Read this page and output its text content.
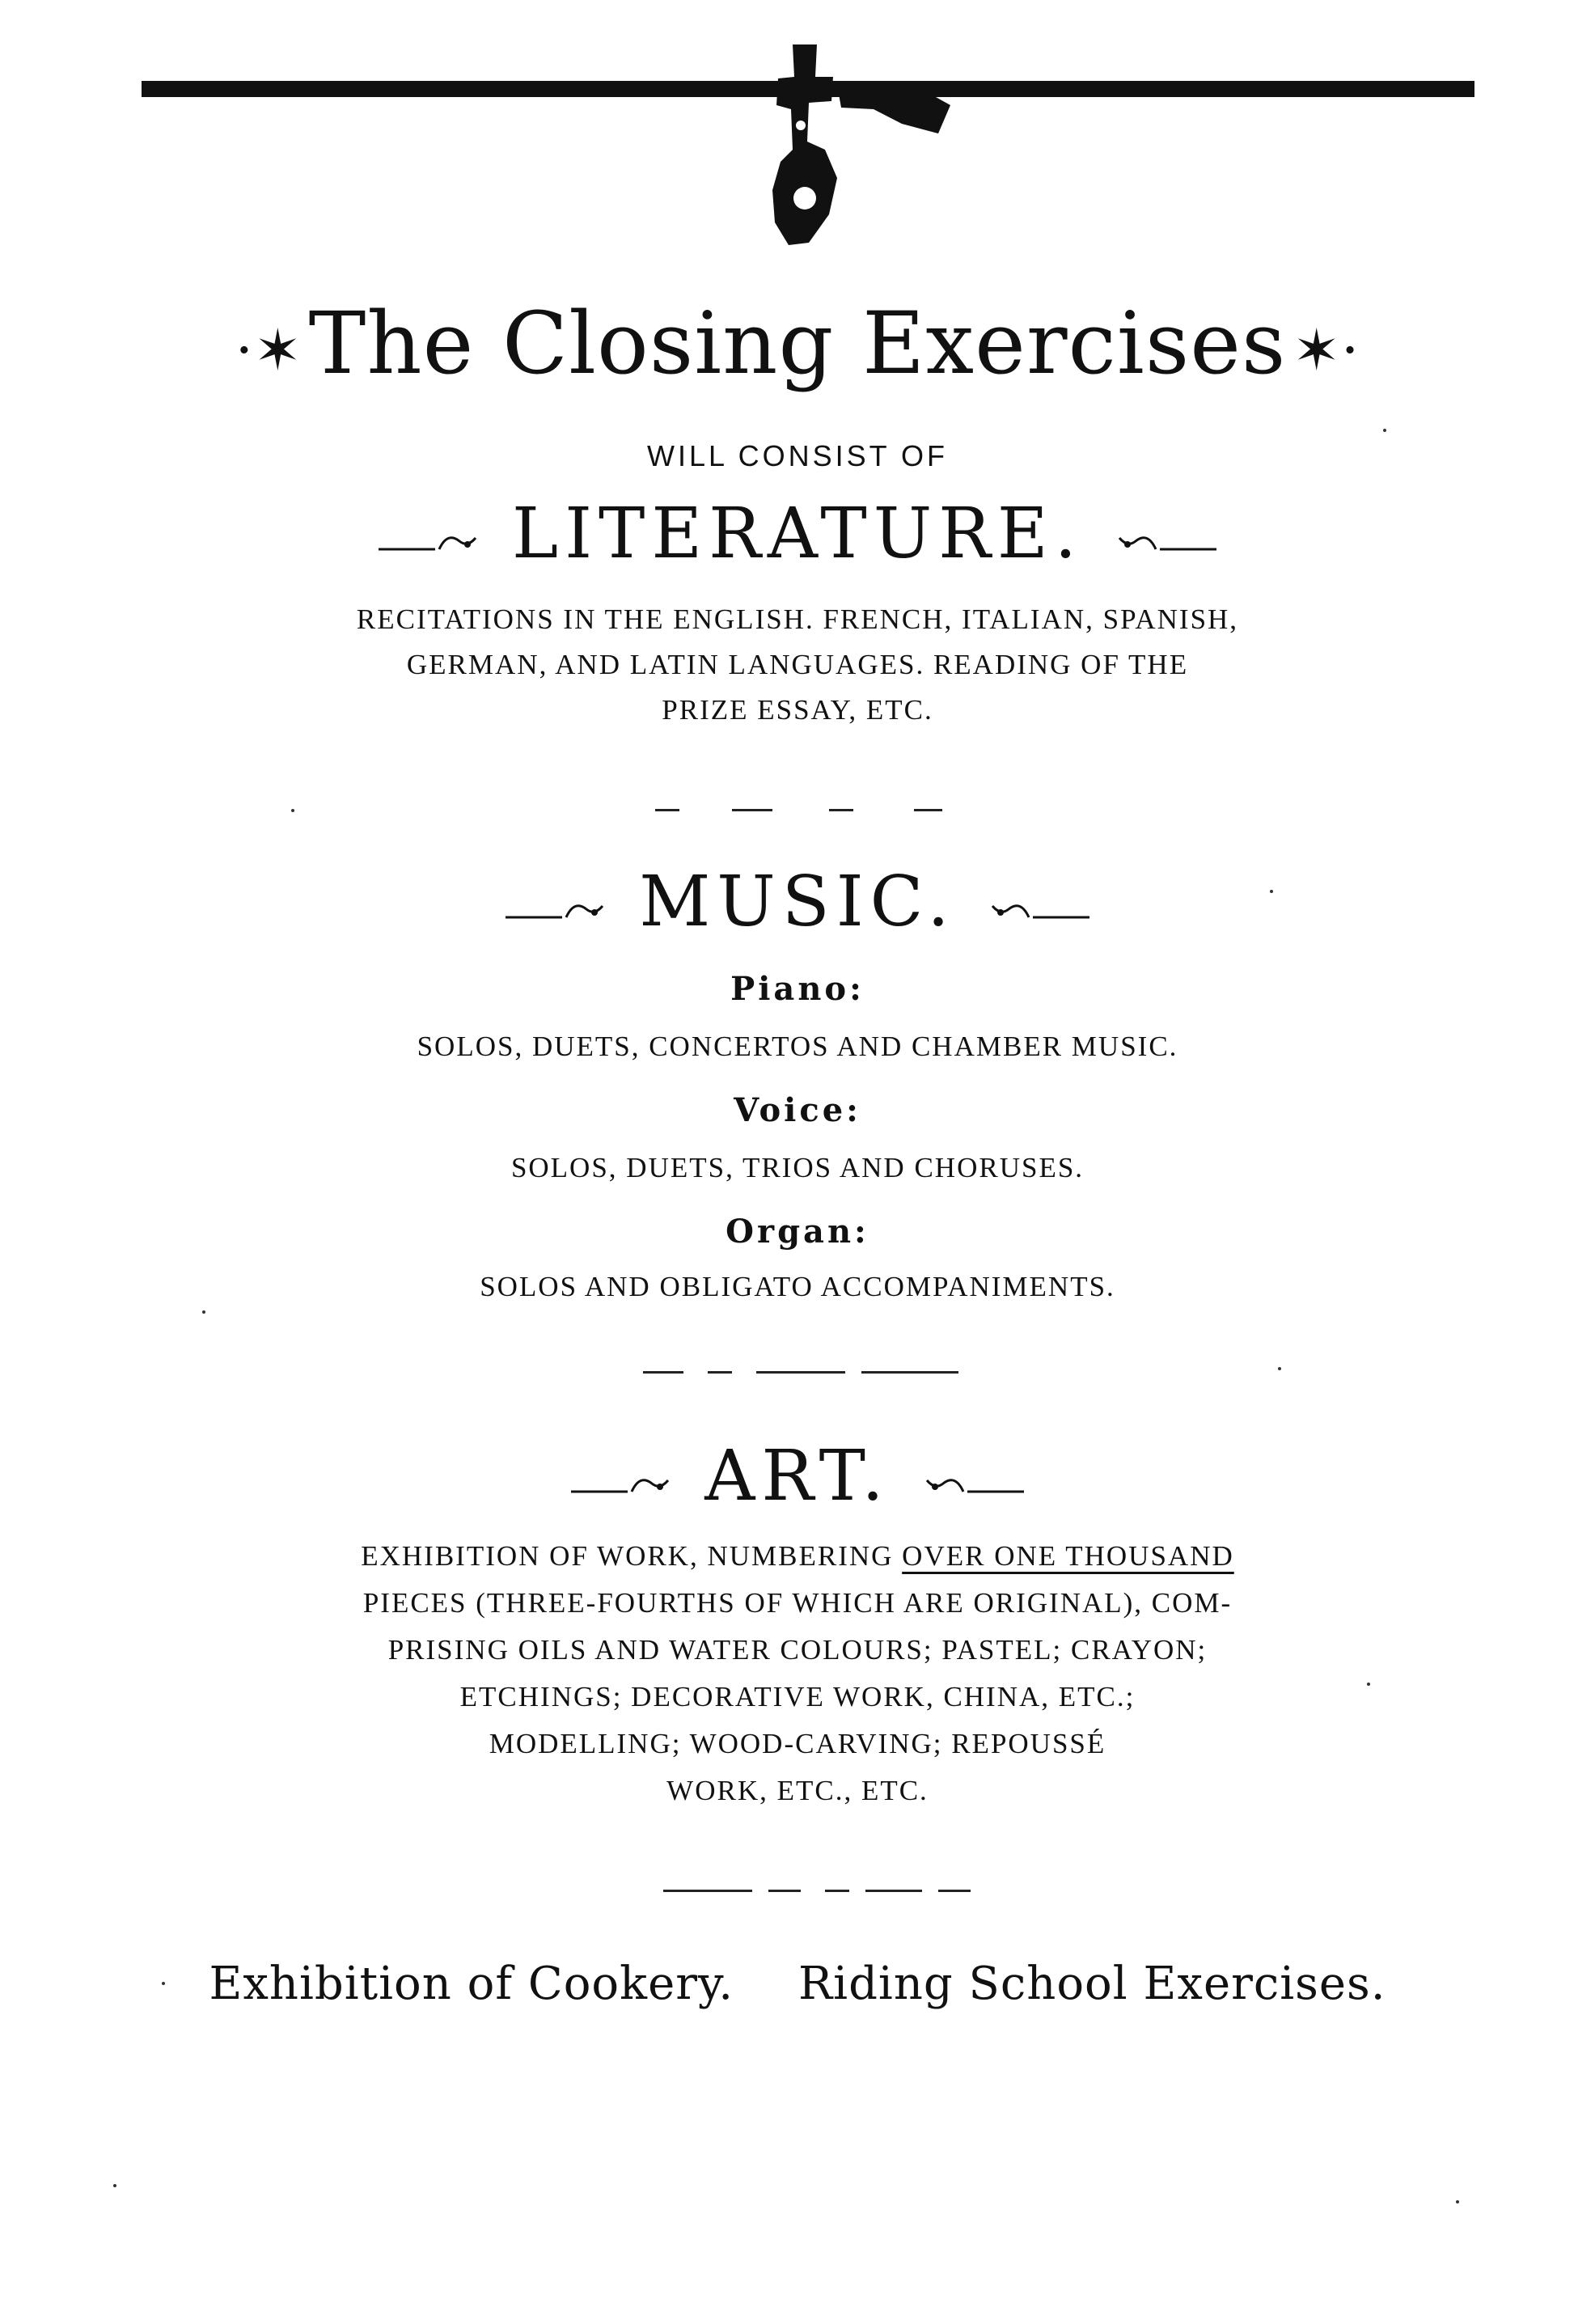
·✶The Closing Exercises ✶·
WILL CONSIST OF
LITERATURE.
RECITATIONS IN THE ENGLISH. FRENCH, ITALIAN, SPANISH,
GERMAN, AND LATIN LANGUAGES. READING OF THE
PRIZE ESSAY, ETC.
MUSIC.
Piano:
SOLOS, DUETS, CONCERTOS AND CHAMBER MUSIC.
Voice:
SOLOS, DUETS, TRIOS AND CHORUSES.
Organ:
SOLOS AND OBLIGATO ACCOMPANIMENTS.
ART.
EXHIBITION OF WORK, NUMBERING OVER ONE THOUSAND
PIECES (THREE-FOURTHS OF WHICH ARE ORIGINAL), COM-
PRISING OILS AND WATER COLOURS; PASTEL; CRAYON;
ETCHINGS; DECORATIVE WORK, CHINA, ETC.;
MODELLING; WOOD-CARVING; REPOUSSÉ
WORK, ETC., ETC.
Exhibition of Cookery. Riding School Exercises.
